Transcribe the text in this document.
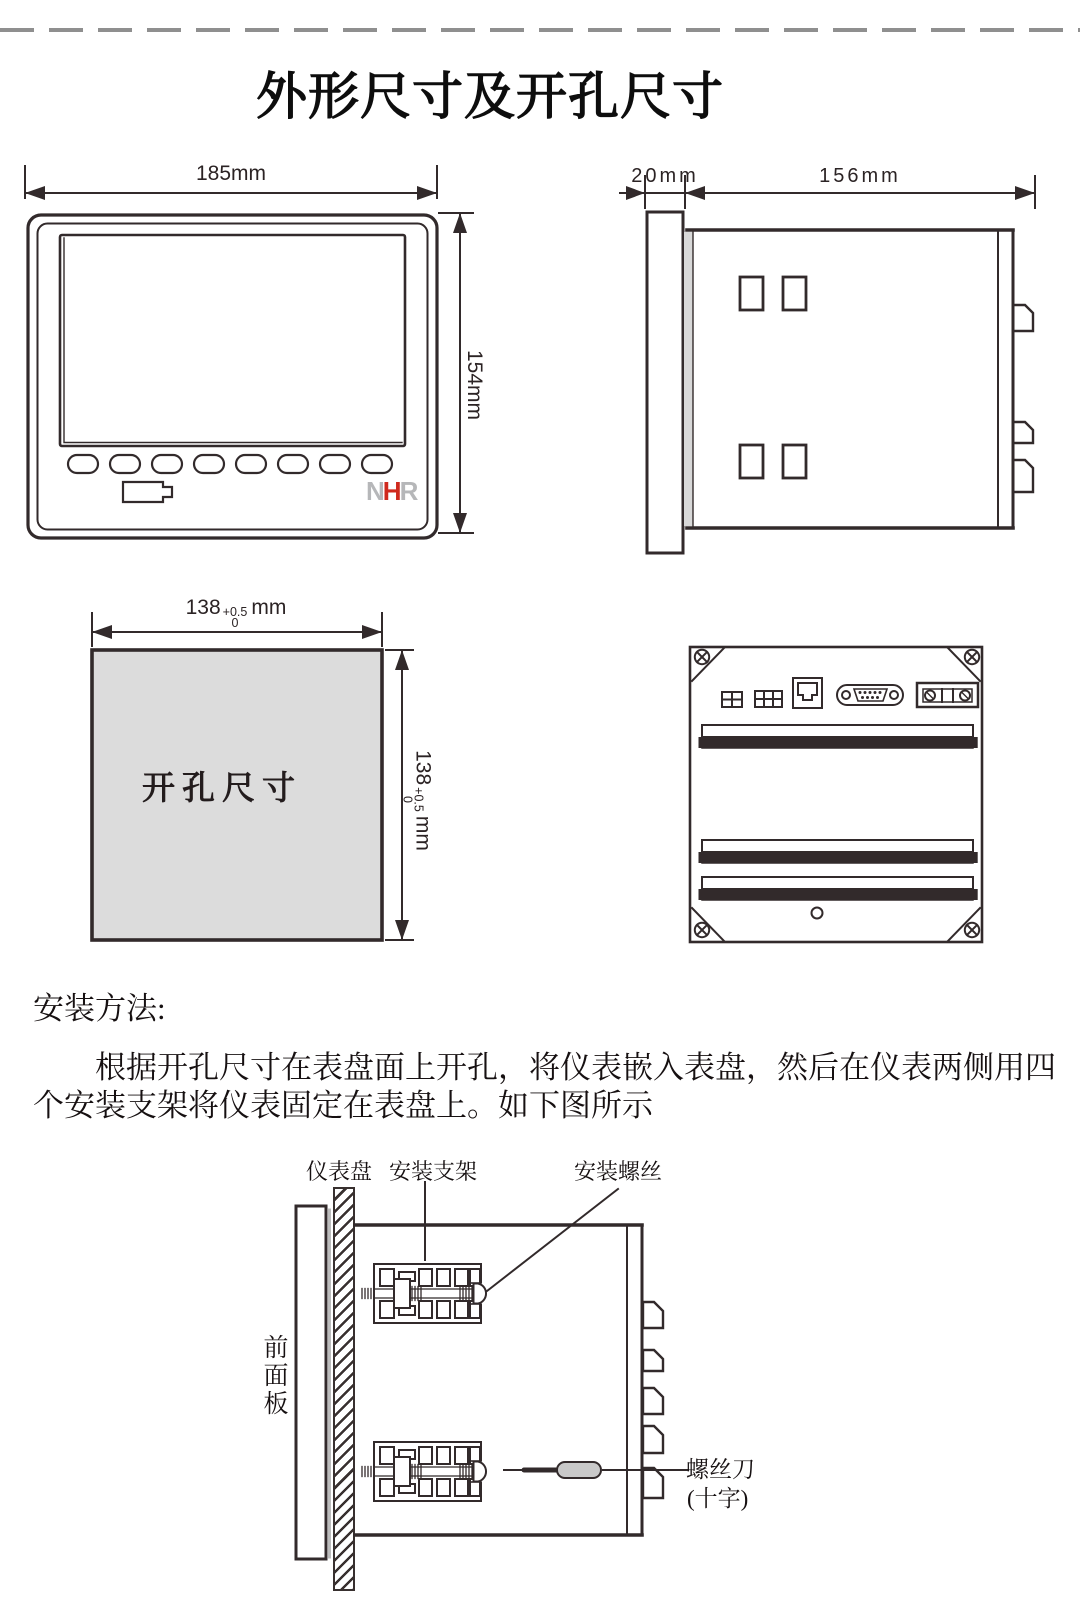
外形尺寸及开孔尺寸
185mm
154mm
NHR
20mm	156mm
138 +0.5
0
mm
开孔尺寸
138
+0.5
0
mm
安装方法:
根据开孔尺寸在表盘面上开孔，将仪表嵌入表盘，然后在仪表两侧用四
个安装支架将仪表固定在表盘上。如下图所示
仪表盘 安装支架	安装螺丝
前面板
螺丝刀
(十字)
